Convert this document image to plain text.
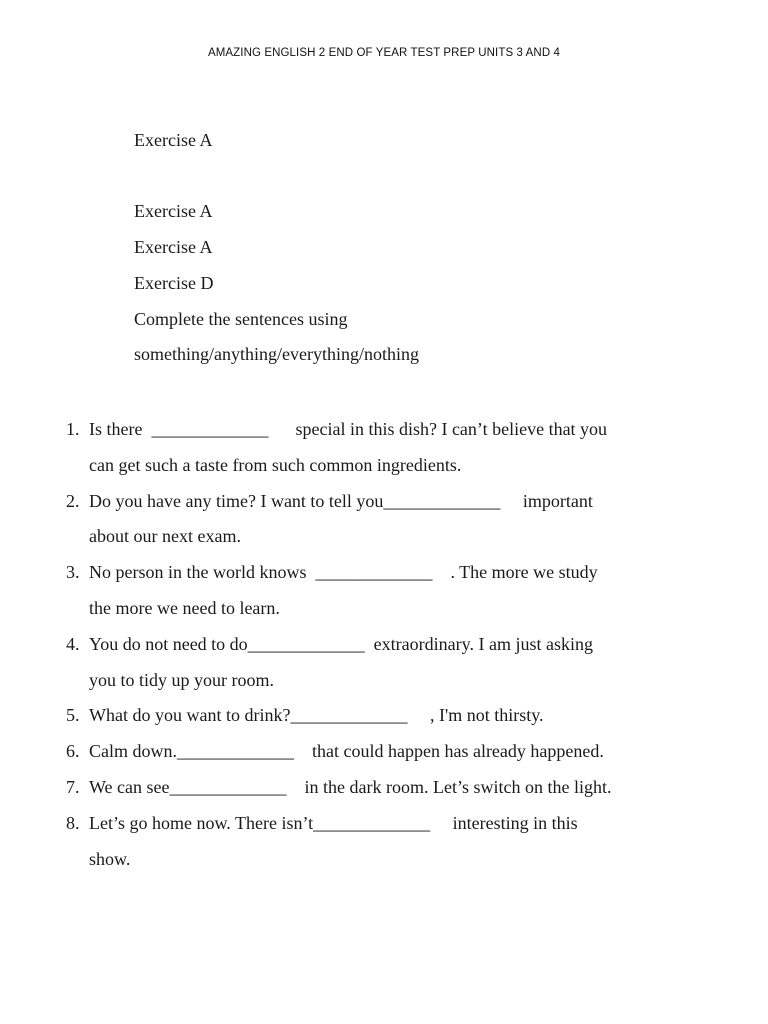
AMAZING ENGLISH 2 END OF YEAR TEST PREP UNITS 3 AND 4
Exercise A
Exercise A
Exercise A
Exercise D
Complete the sentences using
something/anything/everything/nothing
1. Is there  _____________      special in this dish? I can’t believe that you
can get such a taste from such common ingredients.
2. Do you have any time? I want to tell you_____________     important
about our next exam.
3. No person in the world knows  _____________    . The more we study
the more we need to learn.
4. You do not need to do_____________  extraordinary. I am just asking
you to tidy up your room.
5. What do you want to drink?_____________     , I'm not thirsty.
6. Calm down._____________    that could happen has already happened.
7. We can see_____________    in the dark room. Let’s switch on the light.
8. Let’s go home now. There isn’t_____________     interesting in this
show.
